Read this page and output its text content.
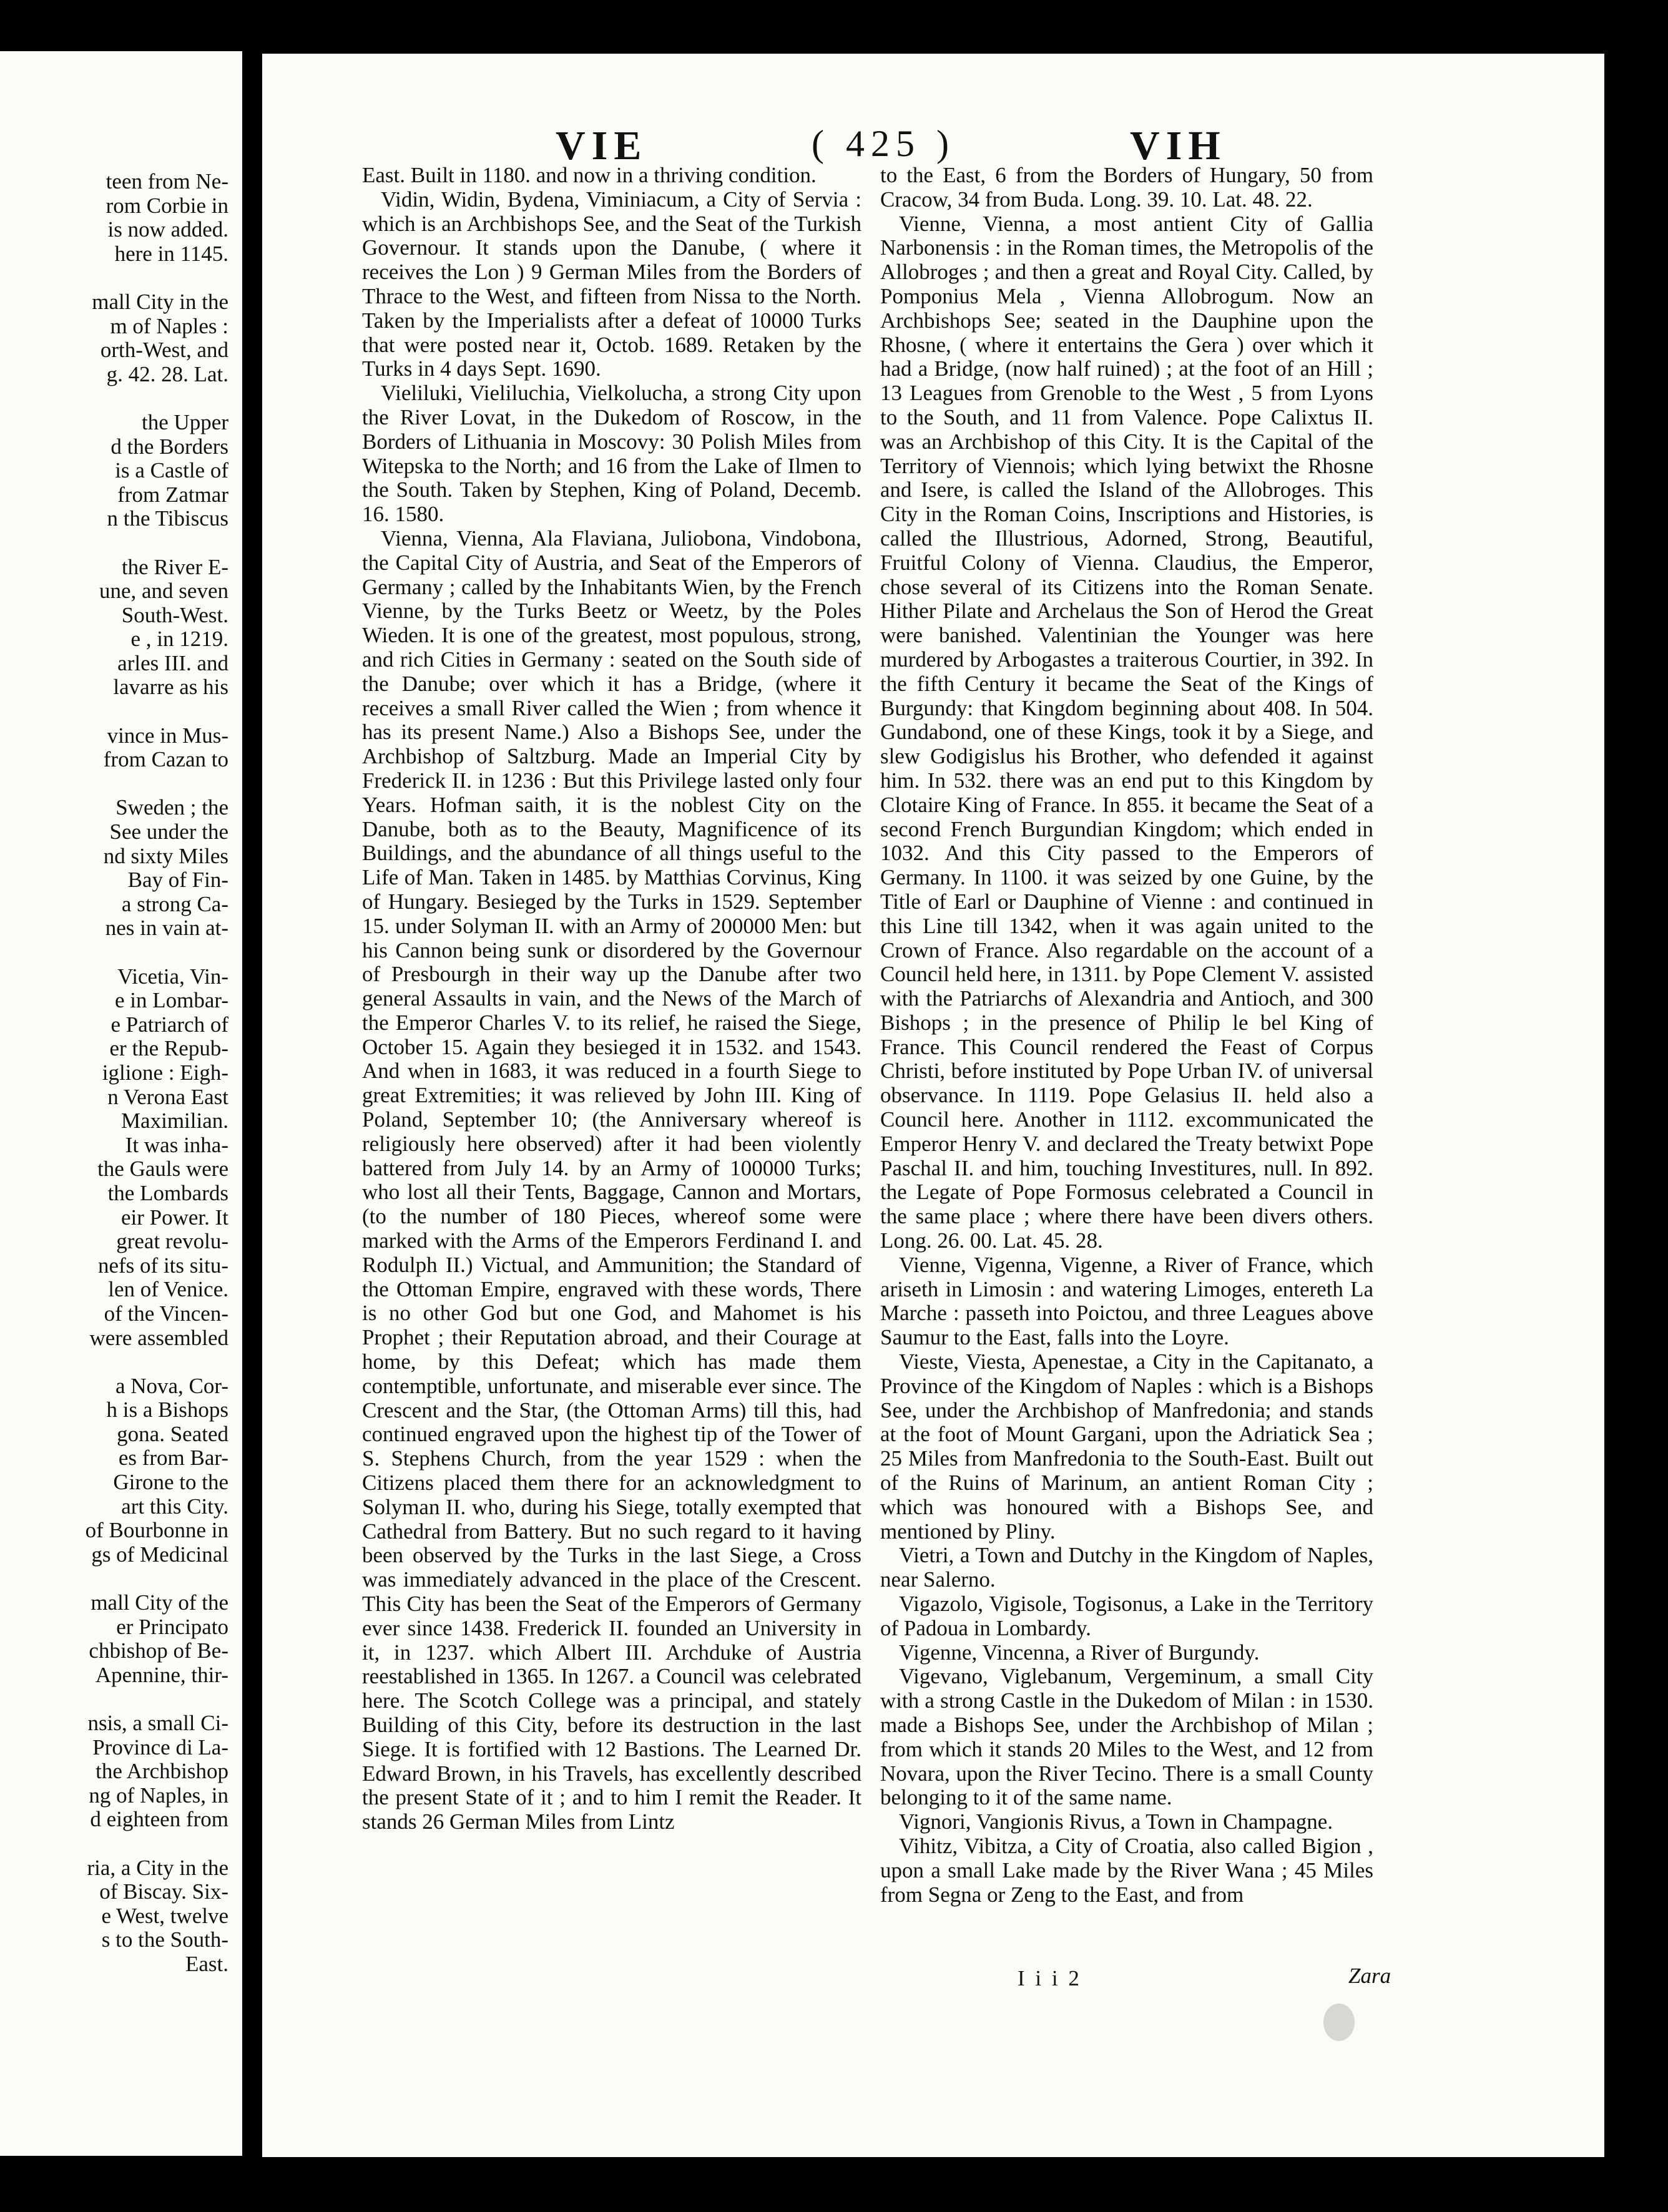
teen from Ne-
rom Corbie in
is now added.
here in 1145.
mall City in the
m of Naples :
orth-West, and
g. 42. 28. Lat.
the Upper
d the Borders
is a Castle of
from Zatmar
n the Tibiscus
the River E-
une, and seven
South-West.
e , in 1219.
arles III. and
lavarre as his
vince in Mus-
from Cazan to
Sweden ; the
See under the
nd sixty Miles
Bay of Fin-
a strong Ca-
nes in vain at-
Vicetia, Vin-
e in Lombar-
e Patriarch of
er the Repub-
iglione : Eigh-
n Verona East
Maximilian.
It was inha-
the Gauls were
the Lombards
eir Power. It
great revolu-
nefs of its situ-
len of Venice.
of the Vincen-
were assembled
a Nova, Cor-
h is a Bishops
gona. Seated
es from Bar-
Girone to the
art this City.
of Bourbonne in
gs of Medicinal
mall City of the
er Principato
chbishop of Be-
Apennine, thir-
nsis, a small Ci-
Province di La-
the Archbishop
ng of Naples, in
d eighteen from
ria, a City in the
of Biscay. Six-
e West, twelve
s to the South-
East.
VIE	( 425 )	VIH

East. Built in 1180. and now in a thriving condition.

Vidin, Widin, Bydena, Viminiacum, a City of Servia : which is an Archbishops See, and the Seat of the Turkish Governour. It stands upon the Danube, ( where it receives the Lon ) 9 German Miles from the Borders of Thrace to the West, and fifteen from Nissa to the North. Taken by the Imperialists after a defeat of 10000 Turks that were posted near it, Octob. 1689. Retaken by the Turks in 4 days Sept. 1690.

Vieliluki, Vieliluchia, Vielkolucha, a strong City upon the River Lovat, in the Dukedom of Roscow, in the Borders of Lithuania in Moscovy: 30 Polish Miles from Witepska to the North; and 16 from the Lake of Ilmen to the South. Taken by Stephen, King of Poland, Decemb. 16. 1580.

Vienna, Vienna, Ala Flaviana, Juliobona, Vindobona, the Capital City of Austria, and Seat of the Emperors of Germany ; called by the Inhabitants Wien, by the French Vienne, by the Turks Beetz or Weetz, by the Poles Wieden. It is one of the greatest, most populous, strong, and rich Cities in Germany : seated on the South side of the Danube; over which it has a Bridge, (where it receives a small River called the Wien ; from whence it has its present Name.) Also a Bishops See, under the Archbishop of Saltzburg. Made an Imperial City by Frederick II. in 1236 : But this Privilege lasted only four Years. Hofman saith, it is the noblest City on the Danube, both as to the Beauty, Magnificence of its Buildings, and the abundance of all things useful to the Life of Man. Taken in 1485. by Matthias Corvinus, King of Hungary. Besieged by the Turks in 1529. September 15. under Solyman II. with an Army of 200000 Men: but his Cannon being sunk or disordered by the Governour of Presbourgh in their way up the Danube after two general Assaults in vain, and the News of the March of the Emperor Charles V. to its relief, he raised the Siege, October 15. Again they besieged it in 1532. and 1543. And when in 1683, it was reduced in a fourth Siege to great Extremities; it was relieved by John III. King of Poland, September 10; (the Anniversary whereof is religiously here observed) after it had been violently battered from July 14. by an Army of 100000 Turks; who lost all their Tents, Baggage, Cannon and Mortars, (to the number of 180 Pieces, whereof some were marked with the Arms of the Emperors Ferdinand I. and Rodulph II.) Victual, and Ammunition; the Standard of the Ottoman Empire, engraved with these words, There is no other God but one God, and Mahomet is his Prophet ; their Reputation abroad, and their Courage at home, by this Defeat; which has made them contemptible, unfortunate, and miserable ever since. The Crescent and the Star, (the Ottoman Arms) till this, had continued engraved upon the highest tip of the Tower of S. Stephens Church, from the year 1529 : when the Citizens placed them there for an acknowledgment to Solyman II. who, during his Siege, totally exempted that Cathedral from Battery. But no such regard to it having been observed by the Turks in the last Siege, a Cross was immediately advanced in the place of the Crescent. This City has been the Seat of the Emperors of Germany ever since 1438. Frederick II. founded an University in it, in 1237. which Albert III. Archduke of Austria reestablished in 1365. In 1267. a Council was celebrated here. The Scotch College was a principal, and stately Building of this City, before its destruction in the last Siege. It is fortified with 12 Bastions. The Learned Dr. Edward Brown, in his Travels, has excellently described the present State of it ; and to him I remit the Reader. It stands 26 German Miles from Lintz

to the East, 6 from the Borders of Hungary, 50 from Cracow, 34 from Buda. Long. 39. 10. Lat. 48. 22.

Vienne, Vienna, a most antient City of Gallia Narbonensis : in the Roman times, the Metropolis of the Allobroges ; and then a great and Royal City. Called, by Pomponius Mela , Vienna Allobrogum. Now an Archbishops See; seated in the Dauphine upon the Rhosne, ( where it entertains the Gera ) over which it had a Bridge, (now half ruined) ; at the foot of an Hill ; 13 Leagues from Grenoble to the West , 5 from Lyons to the South, and 11 from Valence. Pope Calixtus II. was an Archbishop of this City. It is the Capital of the Territory of Viennois; which lying betwixt the Rhosne and Isere, is called the Island of the Allobroges. This City in the Roman Coins, Inscriptions and Histories, is called the Illustrious, Adorned, Strong, Beautiful, Fruitful Colony of Vienna. Claudius, the Emperor, chose several of its Citizens into the Roman Senate. Hither Pilate and Archelaus the Son of Herod the Great were banished. Valentinian the Younger was here murdered by Arbogastes a traiterous Courtier, in 392. In the fifth Century it became the Seat of the Kings of Burgundy: that Kingdom beginning about 408. In 504. Gundabond, one of these Kings, took it by a Siege, and slew Godigislus his Brother, who defended it against him. In 532. there was an end put to this Kingdom by Clotaire King of France. In 855. it became the Seat of a second French Burgundian Kingdom; which ended in 1032. And this City passed to the Emperors of Germany. In 1100. it was seized by one Guine, by the Title of Earl or Dauphine of Vienne : and continued in this Line till 1342, when it was again united to the Crown of France. Also regardable on the account of a Council held here, in 1311. by Pope Clement V. assisted with the Patriarchs of Alexandria and Antioch, and 300 Bishops ; in the presence of Philip le bel King of France. This Council rendered the Feast of Corpus Christi, before instituted by Pope Urban IV. of universal observance. In 1119. Pope Gelasius II. held also a Council here. Another in 1112. excommunicated the Emperor Henry V. and declared the Treaty betwixt Pope Paschal II. and him, touching Investitures, null. In 892. the Legate of Pope Formosus celebrated a Council in the same place ; where there have been divers others. Long. 26. 00. Lat. 45. 28.

Vienne, Vigenna, Vigenne, a River of France, which ariseth in Limosin : and watering Limoges, entereth La Marche : passeth into Poictou, and three Leagues above Saumur to the East, falls into the Loyre.

Vieste, Viesta, Apenestae, a City in the Capitanato, a Province of the Kingdom of Naples : which is a Bishops See, under the Archbishop of Manfredonia; and stands at the foot of Mount Gargani, upon the Adriatick Sea ; 25 Miles from Manfredonia to the South-East. Built out of the Ruins of Marinum, an antient Roman City ; which was honoured with a Bishops See, and mentioned by Pliny.

Vietri, a Town and Dutchy in the Kingdom of Naples, near Salerno.

Vigazolo, Vigisole, Togisonus, a Lake in the Territory of Padoua in Lombardy.

Vigenne, Vincenna, a River of Burgundy.

Vigevano, Viglebanum, Vergeminum, a small City with a strong Castle in the Dukedom of Milan : in 1530. made a Bishops See, under the Archbishop of Milan ; from which it stands 20 Miles to the West, and 12 from Novara, upon the River Tecino. There is a small County belonging to it of the same name.

Vignori, Vangionis Rivus, a Town in Champagne.

Vihitz, Vibitza, a City of Croatia, also called Bigion , upon a small Lake made by the River Wana ; 45 Miles from Segna or Zeng to the East, and from

I i i 2	Zara
